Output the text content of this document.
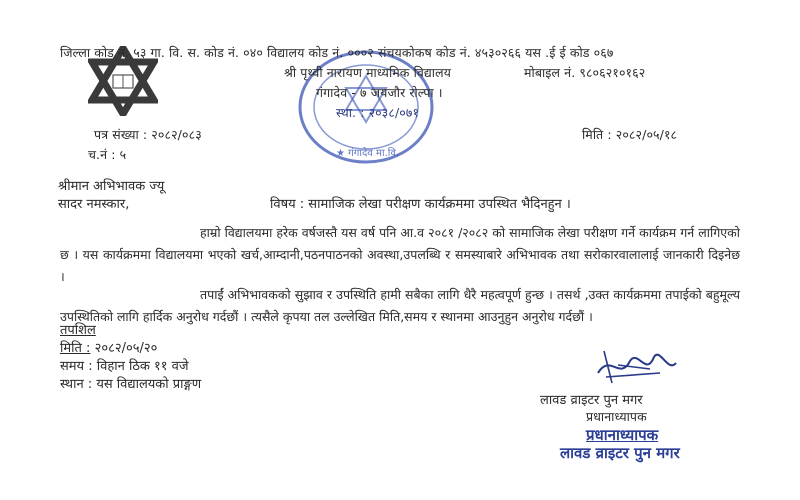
★ गंगादेव मा.वि.
जिल्ला कोड नं. ५३ गा. वि. स. कोड नं. ०४० विद्यालय कोड नं. ०००२ संचयकोकष कोड नं. ४५३०२६६ यस .ई ई कोड ०६७
श्री पृथ्वी नारायण माध्यमिक विद्यालय	मोबाइल नं. ९८०६२१०१६२
गंगादेव - ७ जयजौर रोल्पा ।
स्था. : २०३८/०७१
पत्र संख्या : २०८२/०८३
च.नं : ५
मिति : २०८२/०५/१८
श्रीमान अभिभावक ज्यू
सादर नमस्कार,	विषय : सामाजिक लेखा परीक्षण कार्यक्रममा उपस्थित भैदिनहुन ।
हाम्रो विद्यालयमा हरेक वर्षजस्तै यस वर्ष पनि आ.व २०८१ /२०८२ को सामाजिक लेखा परीक्षण गर्ने कार्यक्रम गर्न लागिएको छ । यस कार्यक्रममा विद्यालयमा भएको खर्च,आम्दानी,पठनपाठनको अवस्था,उपलब्धि र समस्याबारे अभिभावक तथा सरोकारवालालाई जानकारी दिइनेछ ।
तपाईं अभिभावकको सुझाव र उपस्थिति हामी सबैका लागि धैरै महत्वपूर्ण हुन्छ । तसर्थ ,उक्त कार्यक्रममा तपाईको बहुमूल्य उपस्थितिको लागि हार्दिक अनुरोध गर्दछौं । त्यसैले कृपया तल उल्लेखित मिति,समय र स्थानमा आउनुहुन अनुरोध गर्दछौं ।
तपशिल
मिति : २०८२/०५/२०
समय : विहान ठिक ११ वजे
स्थान : यस विद्यालयको प्राङ्गण
लावड व्राइटर पुन मगर
प्रधानाध्यापक
प्रधानाध्यापक
लावड व्राइटर पुन मगर
